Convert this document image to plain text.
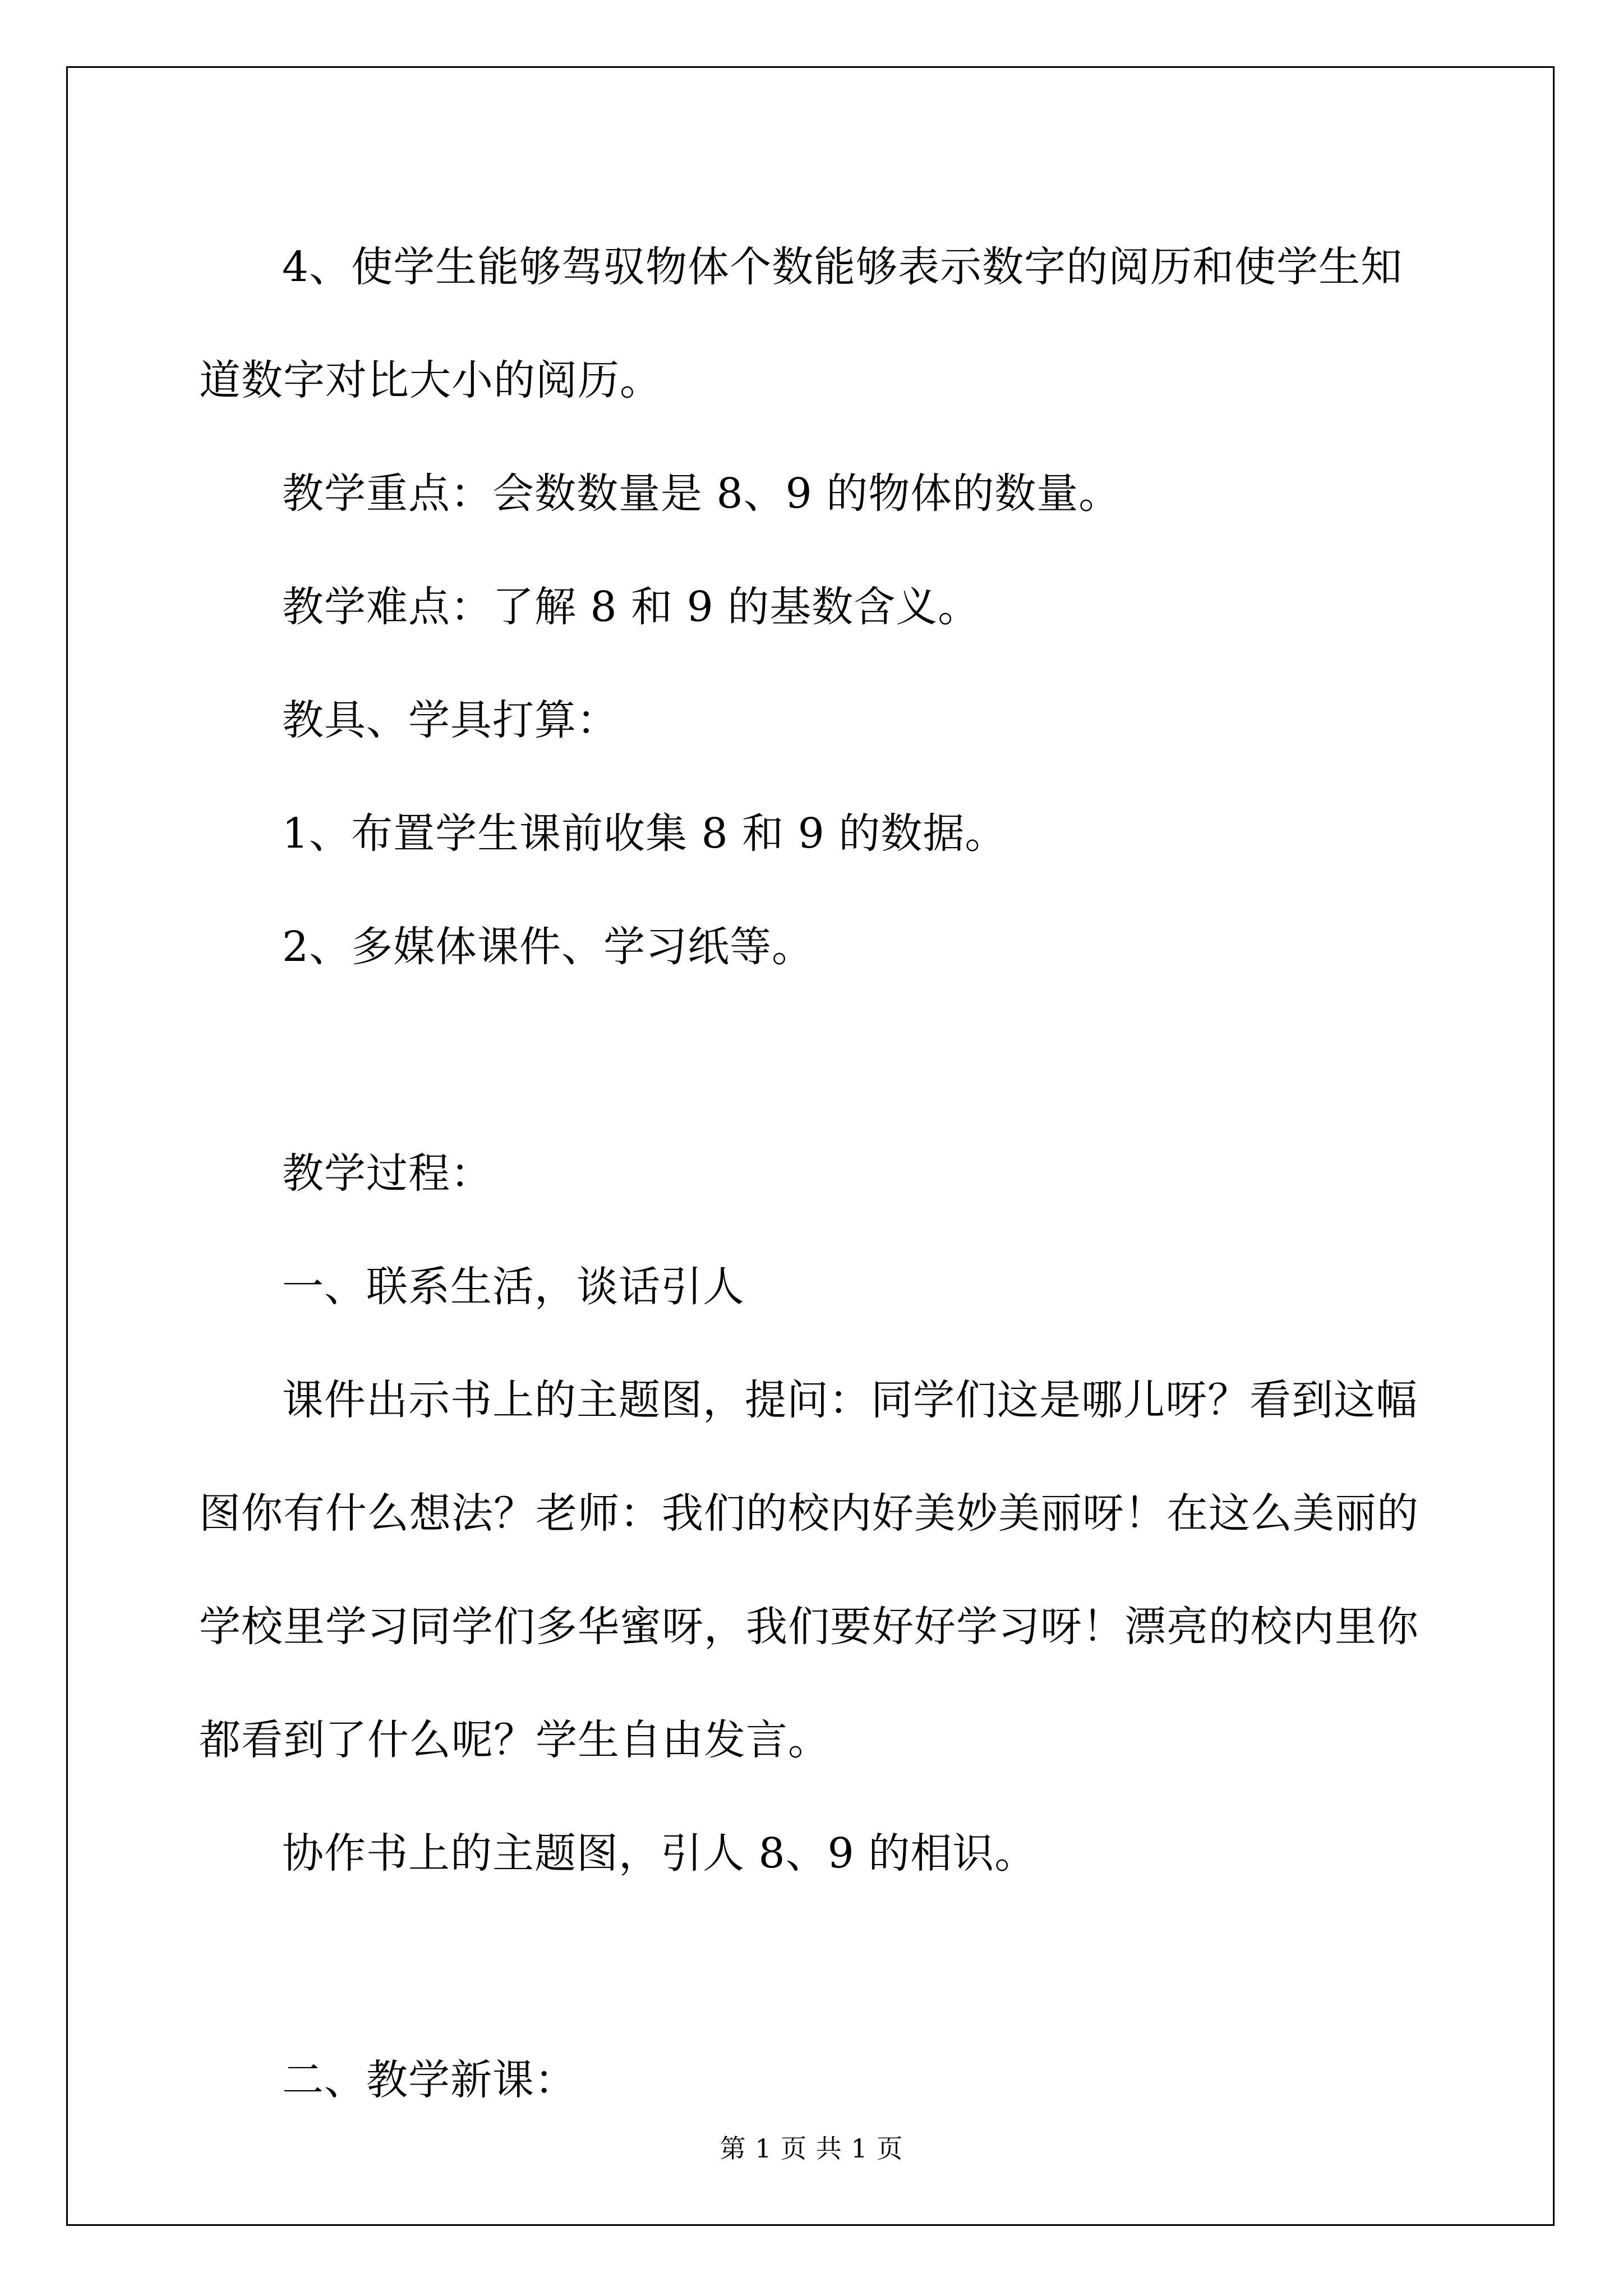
4、使学生能够驾驭物体个数能够表示数字的阅历和使学生知道数字对比大小的阅历。

教学重点：会数数量是 8、9 的物体的数量。

教学难点：了解 8 和 9 的基数含义。

教具、学具打算：

1、布置学生课前收集 8 和 9 的数据。

2、多媒体课件、学习纸等。

教学过程：

一、联系生活，谈话引人

课件出示书上的主题图，提问：同学们这是哪儿呀？看到这幅图你有什么想法？老师：我们的校内好美妙美丽呀！在这么美丽的学校里学习同学们多华蜜呀，我们要好好学习呀！漂亮的校内里你都看到了什么呢？学生自由发言。

协作书上的主题图，引人 8、9 的相识。

二、教学新课：

第 1 页 共 1 页
